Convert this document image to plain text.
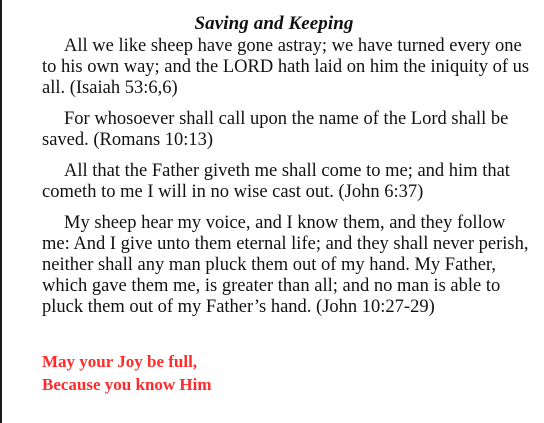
Saving and Keeping

All we like sheep have gone astray; we have turned every one to his own way; and the LORD hath laid on him the iniquity of us all. (Isaiah 53:6,6)

For whosoever shall call upon the name of the Lord shall be saved. (Romans 10:13)

All that the Father giveth me shall come to me; and him that cometh to me I will in no wise cast out. (John 6:37)

My sheep hear my voice, and I know them, and they follow me: And I give unto them eternal life; and they shall never perish, neither shall any man pluck them out of my hand. My Father, which gave them me, is greater than all; and no man is able to pluck them out of my Father’s hand. (John 10:27-29)

May your Joy be full,
Because you know Him
